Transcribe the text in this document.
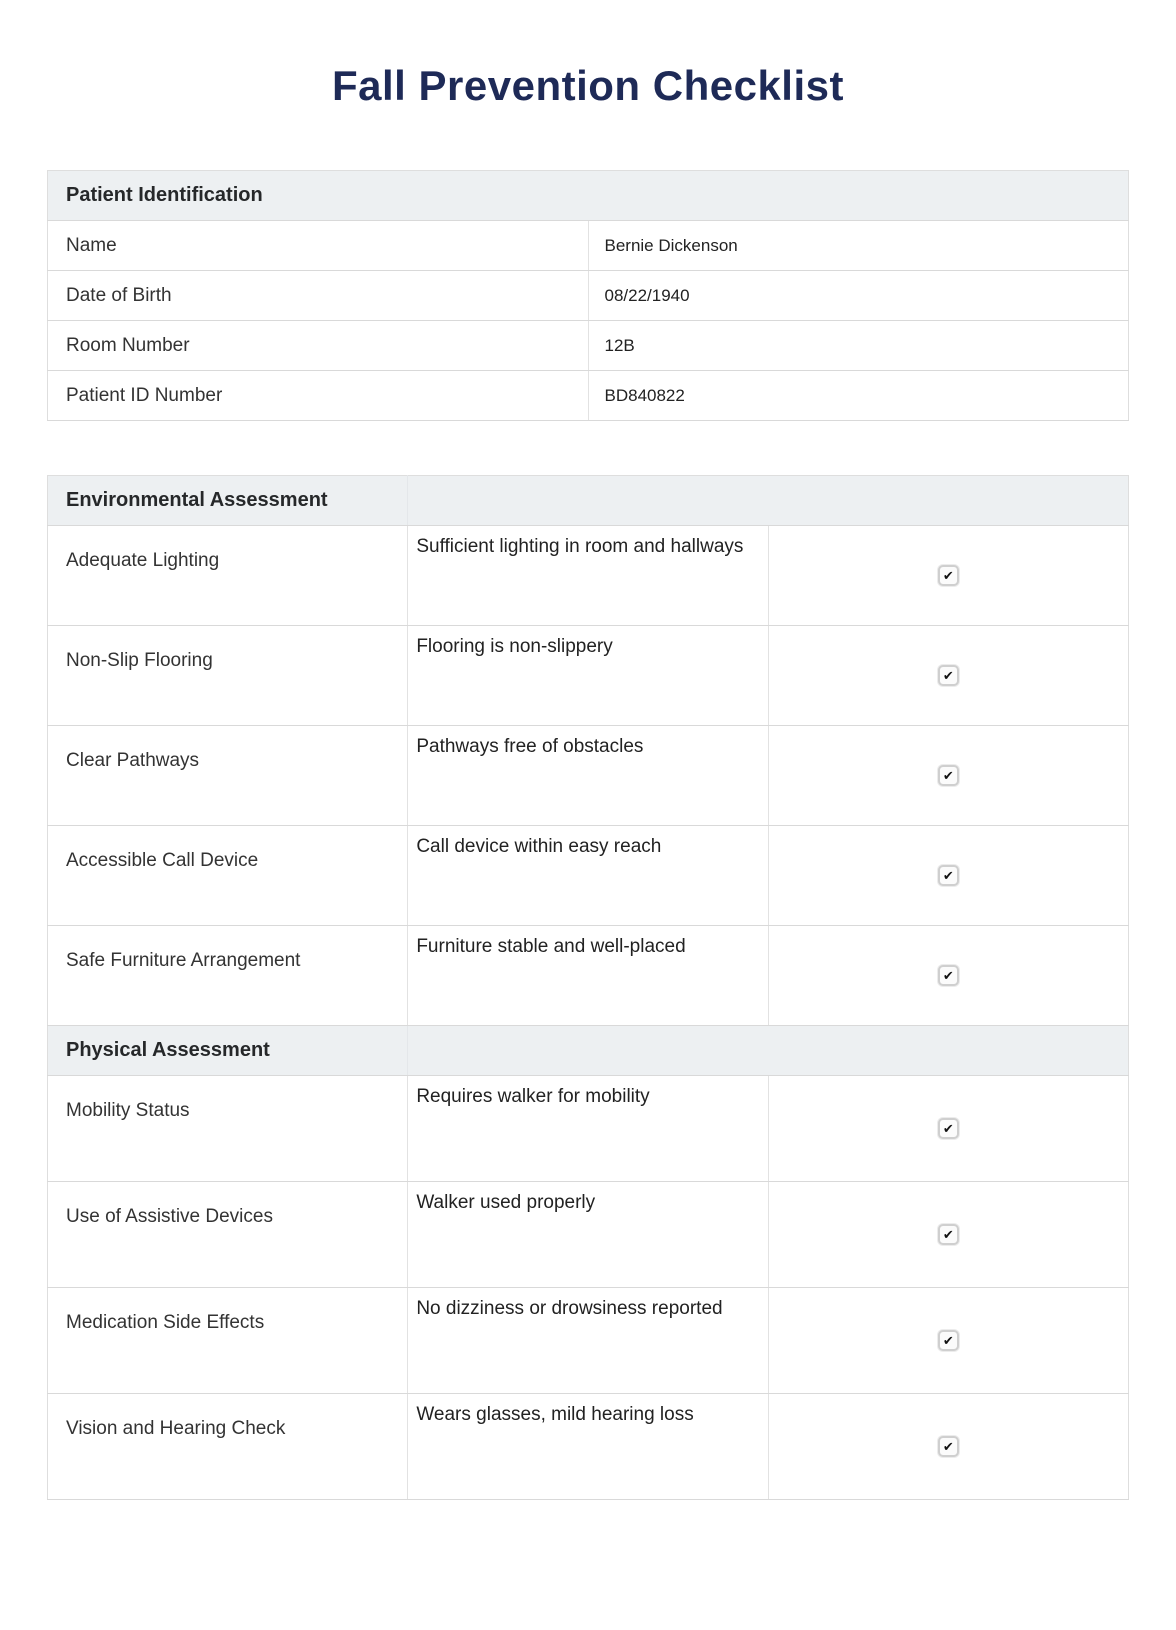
Fall Prevention Checklist
Patient Identification	
Name	Bernie Dickenson
Date of Birth	08/22/1940
Room Number	12B
Patient ID Number	BD840822
Environmental Assessment		
Adequate Lighting	Sufficient lighting in room and hallways	✔
Non-Slip Flooring	Flooring is non-slippery	✔
Clear Pathways	Pathways free of obstacles	✔
Accessible Call Device	Call device within easy reach	✔
Safe Furniture Arrangement	Furniture stable and well-placed	✔
Physical Assessment		
Mobility Status	Requires walker for mobility	✔
Use of Assistive Devices	Walker used properly	✔
Medication Side Effects	No dizziness or drowsiness reported	✔
Vision and Hearing Check	Wears glasses, mild hearing loss	✔
